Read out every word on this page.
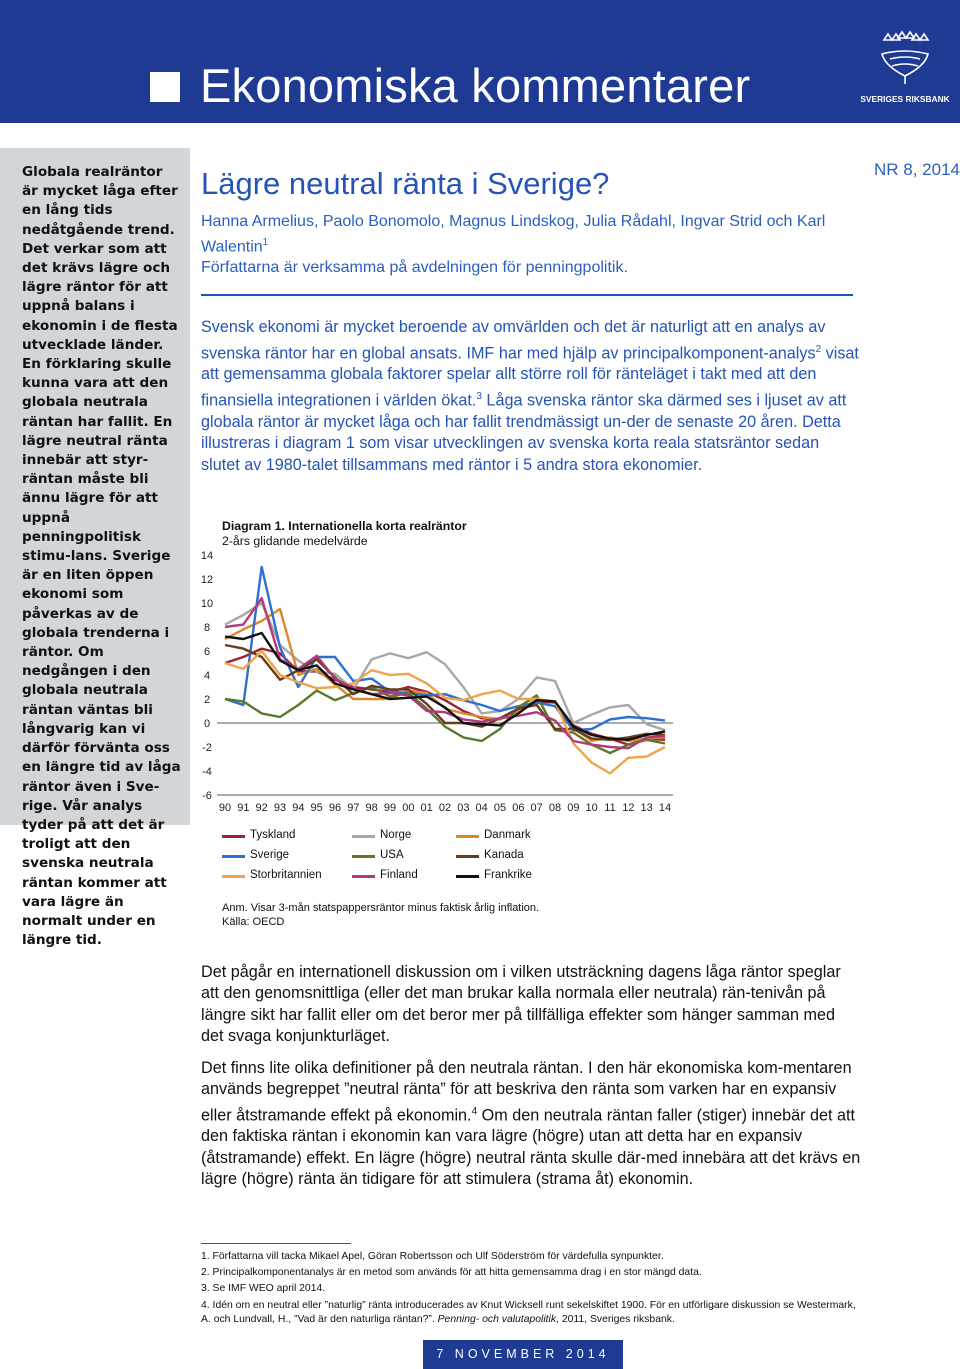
Ekonomiska kommentarer	SVERIGES RIKSBANK

Globala realräntor är mycket låga efter en lång tids nedåtgående trend. Det verkar som att det krävs lägre och lägre räntor för att uppnå balans i ekonomin i de flesta utvecklade länder. En förklaring skulle kunna vara att den globala neutrala räntan har fallit. En lägre neutral ränta innebär att styr-räntan måste bli ännu lägre för att uppnå penningpolitisk stimu-lans. Sverige är en liten öppen ekonomi som påverkas av de globala trenderna i räntor. Om nedgången i den globala neutrala räntan väntas bli långvarig kan vi därför förvänta oss en längre tid av låga räntor även i Sve-rige. Vår analys tyder på att det är troligt att den svenska neutrala räntan kommer att vara lägre än normalt under en längre tid.

NR 8, 2014
Lägre neutral ränta i Sverige?
Hanna Armelius, Paolo Bonomolo, Magnus Lindskog, Julia Rådahl, Ingvar Strid och Karl Walentin$^1$
Författarna är verksamma på avdelningen för penningpolitik.

Svensk ekonomi är mycket beroende av omvärlden och det är naturligt att en analys av svenska räntor har en global ansats. IMF har med hjälp av principalkomponent-analys$^2$ visat att gemensamma globala faktorer spelar allt större roll för ränteläget i takt med att den finansiella integrationen i världen ökat.$^3$ Låga svenska räntor ska därmed ses i ljuset av att globala räntor är mycket låga och har fallit trendmässigt un-der de senaste 20 åren. Detta illustreras i diagram 1 som visar utvecklingen av svenska korta reala statsräntor sedan slutet av 1980-talet tillsammans med räntor i 5 andra stora ekonomier.

Diagram 1. Internationella korta realräntor
2-års glidande medelvärde
14
12
10
8
6
4
2
0
-2
-4
-6
90 91 92 93 94 95 96 97 98 99 00 01 02 03 04 05 06 07 08 09 10 11 12 13 14
Tyskland	Norge	Danmark
Sverige	USA	Kanada
Storbritannien	Finland	Frankrike
Anm. Visar 3-mån statspappersräntor minus faktisk årlig inflation.
Källa: OECD

Det pågår en internationell diskussion om i vilken utsträckning dagens låga räntor speglar att den genomsnittliga (eller det man brukar kalla normala eller neutrala) rän-tenivån på längre sikt har fallit eller om det beror mer på tillfälliga effekter som hänger samman med det svaga konjunkturläget.

Det finns lite olika definitioner på den neutrala räntan. I den här ekonomiska kom-mentaren används begreppet ”neutral ränta” för att beskriva den ränta som varken har en expansiv eller åtstramande effekt på ekonomin.$^4$ Om den neutrala räntan faller (stiger) innebär det att den faktiska räntan i ekonomin kan vara lägre (högre) utan att detta har en expansiv (åtstramande) effekt. En lägre (högre) neutral ränta skulle där-med innebära att det krävs en lägre (högre) ränta än tidigare för att stimulera (strama åt) ekonomin.

1. Författarna vill tacka Mikael Apel, Göran Robertsson och Ulf Söderström för värdefulla synpunkter.
2. Principalkomponentanalys är en metod som används för att hitta gemensamma drag i en stor mängd data.
3. Se IMF WEO april 2014.
4. Idén om en neutral eller ”naturlig” ränta introducerades av Knut Wicksell runt sekelskiftet 1900. För en utförligare diskussion se Westermark, A. och Lundvall, H., ”Vad är den naturliga räntan?”. Penning- och valutapolitik, 2011, Sveriges riksbank.
7 NOVEMBER 2014
